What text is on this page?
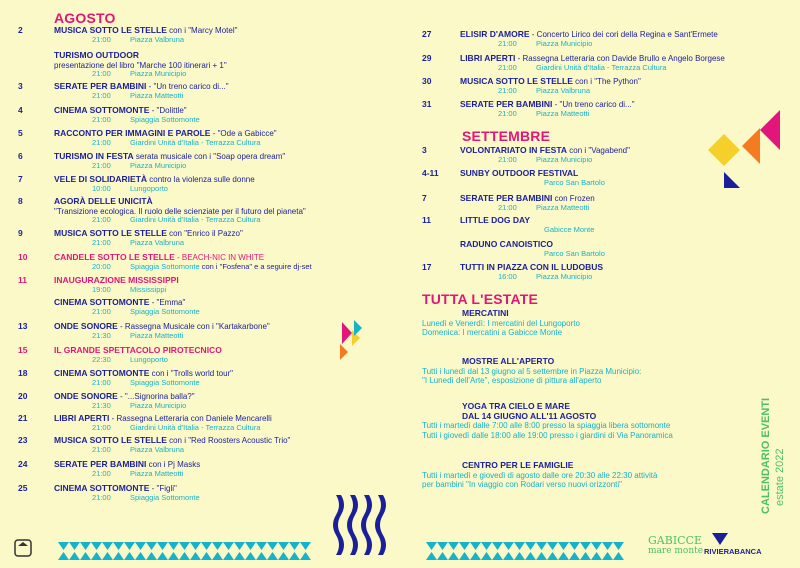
AGOSTO
2	MUSICA SOTTO LE STELLE con i "Marcy Motel"
21:00	Piazza Valbruna
TURISMO OUTDOOR
presentazione del libro "Marche 100 itinerari + 1"
21:00	Piazza Municipio
3	SERATE PER BAMBINI - "Un treno carico di..."
21:00	Piazza Matteotti
4	CINEMA SOTTOMONTE - "Dolittle"
21:00	Spiaggia Sottomonte
5	RACCONTO PER IMMAGINI E PAROLE - "Ode a Gabicce"
21:00	Giardini Unità d'Italia - Terrazza Cultura
6	TURISMO IN FESTA serata musicale con i "Soap opera dream"
21:00	Piazza Municipio
7	VELE DI SOLIDARIETÀ contro la violenza sulle donne
10:00	Lungoporto
8	AGORÀ DELLE UNICITÀ
"Transizione ecologica. Il ruolo delle scienziate per il futuro del pianeta"
21:00	Giardini Unità d'Italia - Terrazza Cultura
9	MUSICA SOTTO LE STELLE con "Enrico il Pazzo"
21:00	Piazza Valbruna
10	CANDELE SOTTO LE STELLE - BEACH-NIC IN WHITE
20:00	Spiaggia Sottomonte con i "Fosfena" e a seguire dj-set
11	INAUGURAZIONE MISSISSIPPI
19:00	Mississippi
CINEMA SOTTOMONTE - "Emma"
21:00	Spiaggia Sottomonte
13	ONDE SONORE - Rassegna Musicale con i "Kartakarbone"
21:30	Piazza Matteotti
15	IL GRANDE SPETTACOLO PIROTECNICO
22:30	Lungoporto
18	CINEMA SOTTOMONTE con i "Trolls world tour"
21:00	Spiaggia Sottomonte
20	ONDE SONORE - "...Signorina balla?"
21:30	Piazza Municipio
21	LIBRI APERTI - Rassegna Letteraria con Daniele Mencarelli
21:00	Giardini Unità d'Italia - Terrazza Cultura
23	MUSICA SOTTO LE STELLE con i "Red Roosters Acoustic Trio"
21:00	Piazza Valbruna
24	SERATE PER BAMBINI con i Pj Masks
21:00	Piazza Matteotti
25	CINEMA SOTTOMONTE - "Figli"
21:00	Spiaggia Sottomonte
27	ELISIR D'AMORE - Concerto Lirico dei cori della Regina e Sant'Ermete
21:00	Piazza Municipio
29	LIBRI APERTI - Rassegna Letteraria con Davide Brullo e Angelo Borgese
21:00	Giardini Unità d'Italia - Terrazza Cultura
30	MUSICA SOTTO LE STELLE con i "The Python"
21:00	Piazza Valbruna
31	SERATE PER BAMBINI - "Un treno carico di..."
21:00	Piazza Matteotti
SETTEMBRE
3	VOLONTARIATO IN FESTA con i "Vagabend"
21:00	Piazza Municipio
4-11	SUNBY OUTDOOR FESTIVAL
Parco San Bartolo
7	SERATE PER BAMBINI con Frozen
21:00	Piazza Matteotti
11	LITTLE DOG DAY
Gabicce Monte
RADUNO CANOISTICO
Parco San Bartolo
17	TUTTI IN PIAZZA CON IL LUDOBUS
16:00	Piazza Municipio
TUTTA L'ESTATE
MERCATINI
Lunedì e Venerdì: I mercatini del Lungoporto
Domenica: I mercatini a Gabicce Monte
MOSTRE ALL'APERTO
Tutti i lunedì dal 13 giugno al 5 settembre in Piazza Municipio:
"I Lunedì dell'Arte", esposizione di pittura all'aperto
YOGA TRA CIELO E MARE
DAL 14 GIUGNO ALL'11 AGOSTO
Tutti i martedì dalle 7:00 alle 8:00 presso la spiaggia libera sottomonte
Tutti i giovedì dalle 18:00 alle 19:00 presso i giardini di Via Panoramica
CENTRO PER LE FAMIGLIE
Tutti i martedì e giovedì di agosto dalle ore 20:30 alle 22:30 attività
per bambini "In viaggio con Rodari verso nuovi orizzonti"	CALENDARIO EVENTI estate 2022
GABICCE
mare monte RIVIERABANCA
